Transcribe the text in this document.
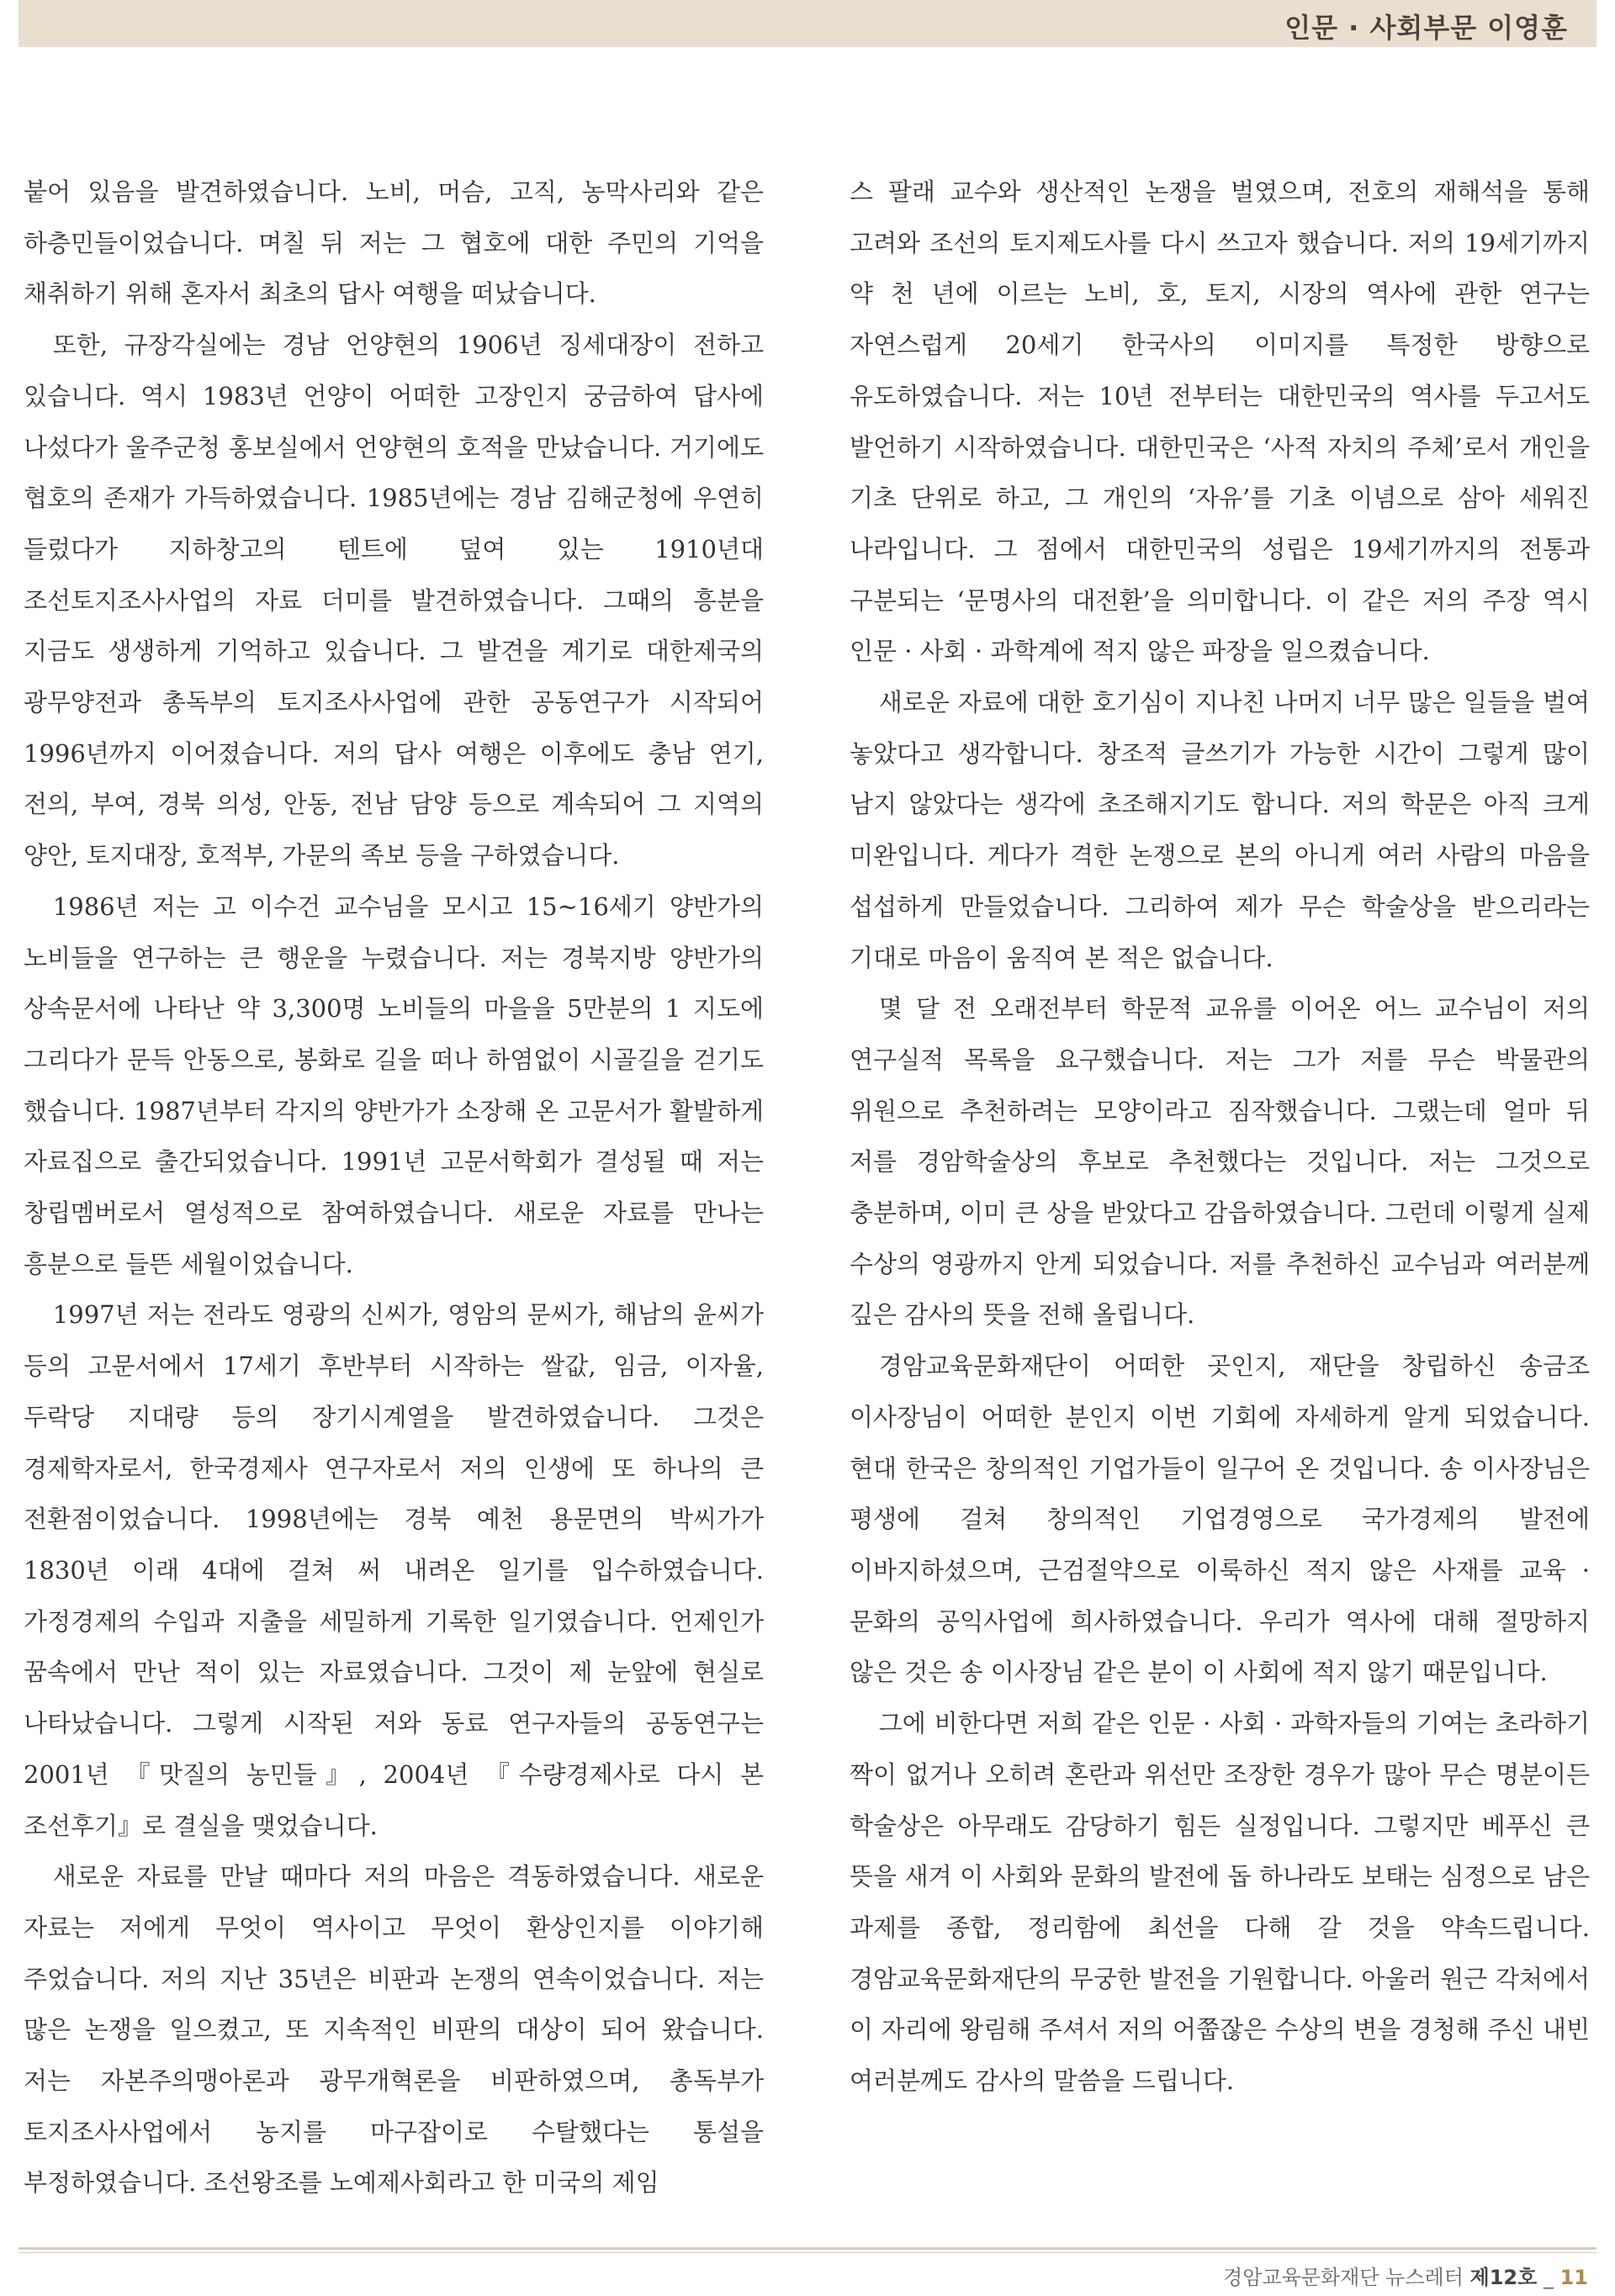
인문 · 사회부문 이영훈

붙어 있음을 발견하였습니다. 노비, 머슴, 고직, 농막사리와 같은 하층민들이었습니다. 며칠 뒤 저는 그 협호에 대한 주민의 기억을 채취하기 위해 혼자서 최초의 답사 여행을 떠났습니다.

또한, 규장각실에는 경남 언양현의 1906년 징세대장이 전하고 있습니다. 역시 1983년 언양이 어떠한 고장인지 궁금하여 답사에 나섰다가 울주군청 홍보실에서 언양현의 호적을 만났습니다. 거기에도 협호의 존재가 가득하였습니다. 1985년에는 경남 김해군청에 우연히 들렀다가 지하창고의 텐트에 덮여 있는 1910년대 조선토지조사사업의 자료 더미를 발견하였습니다. 그때의 흥분을 지금도 생생하게 기억하고 있습니다. 그 발견을 계기로 대한제국의 광무양전과 총독부의 토지조사사업에 관한 공동연구가 시작되어 1996년까지 이어졌습니다. 저의 답사 여행은 이후에도 충남 연기, 전의, 부여, 경북 의성, 안동, 전남 담양 등으로 계속되어 그 지역의 양안, 토지대장, 호적부, 가문의 족보 등을 구하였습니다.

1986년 저는 고 이수건 교수님을 모시고 15~16세기 양반가의 노비들을 연구하는 큰 행운을 누렸습니다. 저는 경북지방 양반가의 상속문서에 나타난 약 3,300명 노비들의 마을을 5만분의 1 지도에 그리다가 문득 안동으로, 봉화로 길을 떠나 하염없이 시골길을 걷기도 했습니다. 1987년부터 각지의 양반가가 소장해 온 고문서가 활발하게 자료집으로 출간되었습니다. 1991년 고문서학회가 결성될 때 저는 창립멤버로서 열성적으로 참여하였습니다. 새로운 자료를 만나는 흥분으로 들뜬 세월이었습니다.

1997년 저는 전라도 영광의 신씨가, 영암의 문씨가, 해남의 윤씨가 등의 고문서에서 17세기 후반부터 시작하는 쌀값, 임금, 이자율, 두락당 지대량 등의 장기시계열을 발견하였습니다. 그것은 경제학자로서, 한국경제사 연구자로서 저의 인생에 또 하나의 큰 전환점이었습니다. 1998년에는 경북 예천 용문면의 박씨가가 1830년 이래 4대에 걸쳐 써 내려온 일기를 입수하였습니다. 가정경제의 수입과 지출을 세밀하게 기록한 일기였습니다. 언제인가 꿈속에서 만난 적이 있는 자료였습니다. 그것이 제 눈앞에 현실로 나타났습니다. 그렇게 시작된 저와 동료 연구자들의 공동연구는 2001년 『맛질의 농민들』, 2004년 『수량경제사로 다시 본 조선후기』로 결실을 맺었습니다.

새로운 자료를 만날 때마다 저의 마음은 격동하였습니다. 새로운 자료는 저에게 무엇이 역사이고 무엇이 환상인지를 이야기해 주었습니다. 저의 지난 35년은 비판과 논쟁의 연속이었습니다. 저는 많은 논쟁을 일으켰고, 또 지속적인 비판의 대상이 되어 왔습니다. 저는 자본주의맹아론과 광무개혁론을 비판하였으며, 총독부가 토지조사사업에서 농지를 마구잡이로 수탈했다는 통설을 부정하였습니다. 조선왕조를 노예제사회라고 한 미국의 제임

스 팔래 교수와 생산적인 논쟁을 벌였으며, 전호의 재해석을 통해 고려와 조선의 토지제도사를 다시 쓰고자 했습니다. 저의 19세기까지 약 천 년에 이르는 노비, 호, 토지, 시장의 역사에 관한 연구는 자연스럽게 20세기 한국사의 이미지를 특정한 방향으로 유도하였습니다. 저는 10년 전부터는 대한민국의 역사를 두고서도 발언하기 시작하였습니다. 대한민국은 ‘사적 자치의 주체’로서 개인을 기초 단위로 하고, 그 개인의 ‘자유’를 기초 이념으로 삼아 세워진 나라입니다. 그 점에서 대한민국의 성립은 19세기까지의 전통과 구분되는 ‘문명사의 대전환’을 의미합니다. 이 같은 저의 주장 역시 인문 · 사회 · 과학계에 적지 않은 파장을 일으켰습니다.

새로운 자료에 대한 호기심이 지나친 나머지 너무 많은 일들을 벌여 놓았다고 생각합니다. 창조적 글쓰기가 가능한 시간이 그렇게 많이 남지 않았다는 생각에 초조해지기도 합니다. 저의 학문은 아직 크게 미완입니다. 게다가 격한 논쟁으로 본의 아니게 여러 사람의 마음을 섭섭하게 만들었습니다. 그리하여 제가 무슨 학술상을 받으리라는 기대로 마음이 움직여 본 적은 없습니다.

몇 달 전 오래전부터 학문적 교유를 이어온 어느 교수님이 저의 연구실적 목록을 요구했습니다. 저는 그가 저를 무슨 박물관의 위원으로 추천하려는 모양이라고 짐작했습니다. 그랬는데 얼마 뒤 저를 경암학술상의 후보로 추천했다는 것입니다. 저는 그것으로 충분하며, 이미 큰 상을 받았다고 감읍하였습니다. 그런데 이렇게 실제 수상의 영광까지 안게 되었습니다. 저를 추천하신 교수님과 여러분께 깊은 감사의 뜻을 전해 올립니다.

경암교육문화재단이 어떠한 곳인지, 재단을 창립하신 송금조 이사장님이 어떠한 분인지 이번 기회에 자세하게 알게 되었습니다. 현대 한국은 창의적인 기업가들이 일구어 온 것입니다. 송 이사장님은 평생에 걸쳐 창의적인 기업경영으로 국가경제의 발전에 이바지하셨으며, 근검절약으로 이룩하신 적지 않은 사재를 교육 · 문화의 공익사업에 희사하였습니다. 우리가 역사에 대해 절망하지 않은 것은 송 이사장님 같은 분이 이 사회에 적지 않기 때문입니다.

그에 비한다면 저희 같은 인문 · 사회 · 과학자들의 기여는 초라하기 짝이 없거나 오히려 혼란과 위선만 조장한 경우가 많아 무슨 명분이든 학술상은 아무래도 감당하기 힘든 실정입니다. 그렇지만 베푸신 큰 뜻을 새겨 이 사회와 문화의 발전에 돕 하나라도 보태는 심정으로 남은 과제를 종합, 정리함에 최선을 다해 갈 것을 약속드립니다. 경암교육문화재단의 무궁한 발전을 기원합니다. 아울러 원근 각처에서 이 자리에 왕림해 주셔서 저의 어쭙잖은 수상의 변을 경청해 주신 내빈 여러분께도 감사의 말씀을 드립니다.

경암교육문화재단 뉴스레터 제12호 _ 11
